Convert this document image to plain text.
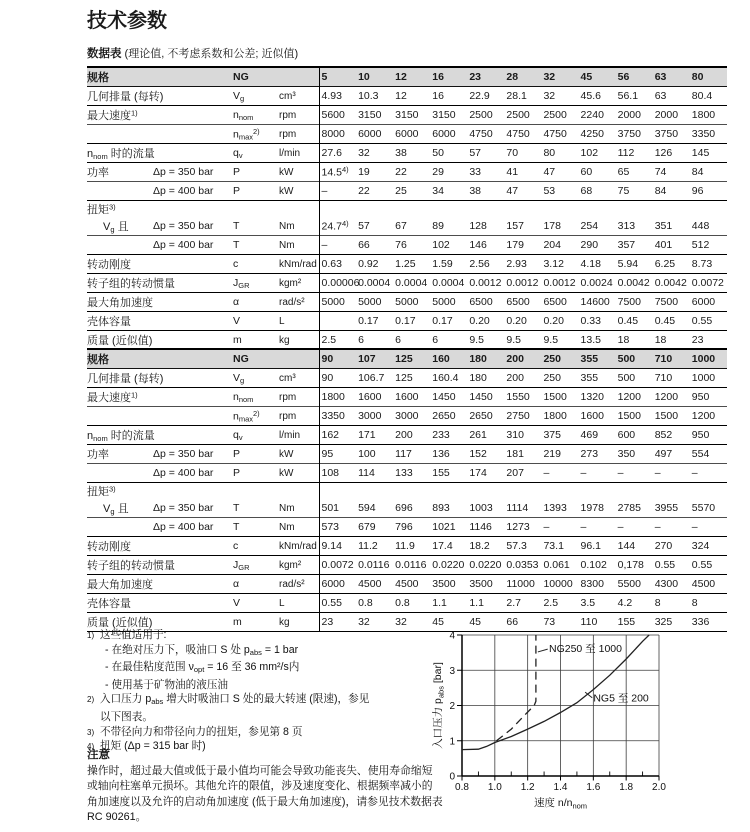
技术参数
数据表 (理论值, 不考虑系数和公差; 近似值)
规格		NG		5	10	12	16	23	28	32	45	56	63	80
几何排量 (每转)		$V_g$	cm³	4.93	10.3	12	16	22.9	28.1	32	45.6	56.1	63	80.4
最大速度$^{1)}$		$n_{nom}$	rpm	5600	3150	3150	3150	2500	2500	2500	2240	2000	2000	1800
		$n_{max}^{2)}$	rpm	8000	6000	6000	6000	4750	4750	4750	4250	3750	3750	3350
$n_{nom}$ 时的流量		$q_v$	l/min	27.6	32	38	50	57	70	80	102	112	126	145
功率	Δp = 350 bar	P	kW	14.5$^{4)}$	19	22	29	33	41	47	60	65	74	84
	Δp = 400 bar	P	kW	–	22	25	34	38	47	53	68	75	84	96
扭矩$^{3)}$	
$V_g$ 且	Δp = 350 bar	T	Nm	24.7$^{4)}$	57	67	89	128	157	178	254	313	351	448
	Δp = 400 bar	T	Nm	–	66	76	102	146	179	204	290	357	401	512
转动刚度		c	kNm/rad	0.63	0.92	1.25	1.59	2.56	2.93	3.12	4.18	5.94	6.25	8.73
转子组的转动惯量		$J_{GR}$	kgm²	0.00006	0.0004	0.0004	0.0004	0.0012	0.0012	0.0012	0.0024	0.0042	0.0042	0.0072
最大角加速度		α	rad/s²	5000	5000	5000	5000	6500	6500	6500	14600	7500	7500	6000
壳体容量		V	L		0.17	0.17	0.17	0.20	0.20	0.20	0.33	0.45	0.45	0.55
质量 (近似值)		m	kg	2.5	6	6	6	9.5	9.5	9.5	13.5	18	18	23
规格		NG		90	107	125	160	180	200	250	355	500	710	1000
几何排量 (每转)		$V_g$	cm³	90	106.7	125	160.4	180	200	250	355	500	710	1000
最大速度$^{1)}$		$n_{nom}$	rpm	1800	1600	1600	1450	1450	1550	1500	1320	1200	1200	950
		$n_{max}^{2)}$	rpm	3350	3000	3000	2650	2650	2750	1800	1600	1500	1500	1200
$n_{nom}$ 时的流量		$q_v$	l/min	162	171	200	233	261	310	375	469	600	852	950
功率	Δp = 350 bar	P	kW	95	100	117	136	152	181	219	273	350	497	554
	Δp = 400 bar	P	kW	108	114	133	155	174	207	–	–	–	–	–
扭矩$^{3)}$	
$V_g$ 且	Δp = 350 bar	T	Nm	501	594	696	893	1003	1114	1393	1978	2785	3955	5570
	Δp = 400 bar	T	Nm	573	679	796	1021	1146	1273	–	–	–	–	–
转动刚度		c	kNm/rad	9.14	11.2	11.9	17.4	18.2	57.3	73.1	96.1	144	270	324
转子组的转动惯量		$J_{GR}$	kgm²	0.0072	0.0116	0.0116	0.0220	0.0220	0.0353	0.061	0.102	0,178	0.55	0.55
最大角加速度		α	rad/s²	6000	4500	4500	3500	3500	11000	10000	8300	5500	4300	4500
壳体容量		V	L	0.55	0.8	0.8	1.1	1.1	2.7	2.5	3.5	4.2	8	8
质量 (近似值)		m	kg	23	32	32	45	45	66	73	110	155	325	336
1) 这些值适用于:
- 在绝对压力下，吸油口 S 处 $p_{abs} = 1$ bar
- 在最佳粘度范围 $\nu_{opt} = 16$ 至 36 mm²/s内
- 使用基于矿物油的液压油
2) 入口压力 $p_{abs}$ 增大时吸油口 S 处的最大转速 (限速)，参见
以下图表。
3) 不带径向力和带径向力的扭矩，参见第 8 页
4) 扭矩 (Δp = 315 bar 时)
注意
操作时，超过最大值或低于最小值均可能会导致功能丧失、使用寿命缩短或轴向柱塞单元损坏。其他允许的限值，涉及速度变化、根据频率减小的角加速度以及允许的启动角加速度 (低于最大角加速度)，请参见技术数据表 RC 90261。
0.8 1.0 1.2 1.4 1.6 1.8 2.0
0
1
2
3
4
NG5 至 200
NG250 至 1000
速度 $n/n_{nom}$
入口压力 $p_{abs}$ [bar]
